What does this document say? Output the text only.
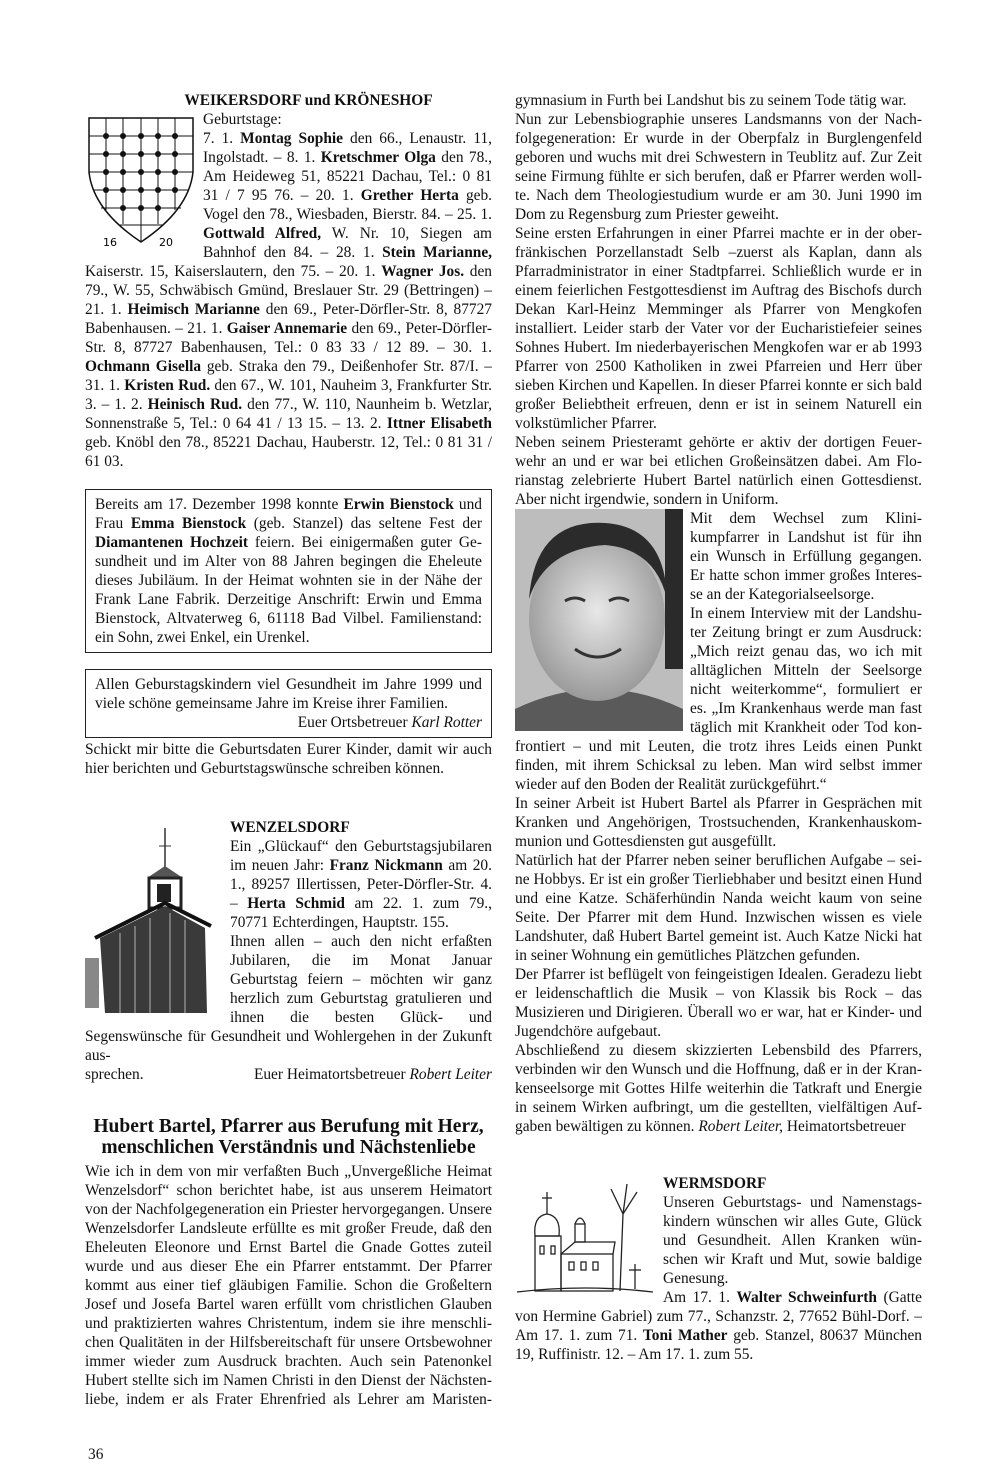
WEIKERSDORF und KRÖNESHOF
16	20

Geburtstage:

7. 1. Montag Sophie den 66., Lenaustr. 11, Ingolstadt. – 8. 1. Kretschmer Olga den 78., Am Heideweg 51, 85221 Dachau, Tel.: 0 81 31 / 7 95 76. – 20. 1. Grether Herta geb. Vogel den 78., Wiesbaden, Bierstr. 84. – 25. 1. Gottwald Alfred, W. Nr. 10, Siegen am Bahnhof den 84. – 28. 1. Stein Marianne, Kaiserstr. 15, Kaiserslautern, den 75. – 20. 1. Wagner Jos. den 79., W. 55, Schwäbisch Gmünd, Breslauer Str. 29 (Bettringen) – 21. 1. Heimisch Marianne den 69., Peter-Dörfler-Str. 8, 87727 Babenhausen. – 21. 1. Gaiser Annemarie den 69., Peter-Dörfler-Str. 8, 87727 Babenhausen, Tel.: 0 83 33 / 12 89. – 30. 1. Ochmann Gisella geb. Straka den 79., Deißenhofer Str. 87/I. – 31. 1. Kristen Rud. den 67., W. 101, Nauheim 3, Frankfurter Str. 3. – 1. 2. Heinisch Rud. den 77., W. 110, Naunheim b. Wetzlar, Sonnenstraße 5, Tel.: 0 64 41 / 13 15. – 13. 2. Ittner Elisabeth geb. Knöbl den 78., 85221 Dachau, Hauberstr. 12, Tel.: 0 81 31 / 61 03.

Bereits am 17. Dezember 1998 konnte Erwin Bienstock und Frau Emma Bienstock (geb. Stanzel) das seltene Fest der Diamantenen Hochzeit feiern. Bei einigermaßen guter Gesundheit und im Alter von 88 Jahren begingen die Eheleute dieses Jubiläum. In der Heimat wohnten sie in der Nähe der Frank Lane Fabrik. Derzeitige Anschrift: Erwin und Emma Bienstock, Altvaterweg 6, 61118 Bad Vilbel. Familienstand: ein Sohn, zwei Enkel, ein Urenkel.

Allen Geburstagskindern viel Gesundheit im Jahre 1999 und viele schöne gemeinsame Jahre im Kreise ihrer Familien.

Euer Ortsbetreuer Karl Rotter

Schickt mir bitte die Geburtsdaten Eurer Kinder, damit wir auch hier berichten und Geburtstagswünsche schreiben können.

WENZELSDORF

Ein „Glückauf“ den Geburtstagsjubilaren im neuen Jahr: Franz Nickmann am 20. 1., 89257 Illertissen, Peter-Dörfler-Str. 4. – Herta Schmid am 22. 1. zum 79., 70771 Echterdingen, Hauptstr. 155.

Ihnen allen – auch den nicht erfaßten Jubilaren, die im Monat Januar Geburtstag feiern – möchten wir ganz herzlich zum Geburtstag gratulieren und ihnen die besten Glück- und Segenswünsche für Gesundheit und Wohlergehen in der Zukunft aus-

sprechen.	Euer Heimatortsbetreuer Robert Leiter
Hubert Bartel, Pfarrer aus Berufung mit Herz,
menschlichen Verständnis und Nächstenliebe

Wie ich in dem von mir verfaßten Buch „Unvergeßliche Heimat Wenzelsdorf“ schon berichtet habe, ist aus unserem Heimatort von der Nachfolgegeneration ein Priester hervorgegangen. Unsere Wenzelsdorfer Landsleute erfüllte es mit großer Freude, daß den Eheleuten Eleonore und Ernst Bartel die Gnade Gottes zuteil wurde und aus dieser Ehe ein Pfarrer entstammt. Der Pfarrer kommt aus einer tief gläubigen Familie. Schon die Großeltern Josef und Josefa Bartel waren erfüllt vom christlichen Glauben und praktizierten wahres Christentum, indem sie ihre menschlichen Qualitäten in der Hilfsbereitschaft für unsere Ortsbewohner immer wieder zum Ausdruck brachten. Auch sein Patenonkel Hubert stellte sich im Namen Christi in den Dienst der Nächstenliebe, indem er als Frater Ehrenfried als Lehrer am Maristen-

36

gymnasium in Furth bei Landshut bis zu seinem Tode tätig war.

Nun zur Lebensbiographie unseres Landsmanns von der Nachfolgegeneration: Er wurde in der Oberpfalz in Burglengenfeld geboren und wuchs mit drei Schwestern in Teublitz auf. Zur Zeit seine Firmung fühlte er sich berufen, daß er Pfarrer werden wollte. Nach dem Theologiestudium wurde er am 30. Juni 1990 im Dom zu Regensburg zum Priester geweiht.

Seine ersten Erfahrungen in einer Pfarrei machte er in der oberfränkischen Porzellanstadt Selb –zuerst als Kaplan, dann als Pfarradministrator in einer Stadtpfarrei. Schließlich wurde er in einem feierlichen Festgottesdienst im Auftrag des Bischofs durch Dekan Karl-Heinz Memminger als Pfarrer von Mengkofen installiert. Leider starb der Vater vor der Eucharistiefeier seines Sohnes Hubert. Im niederbayerischen Mengkofen war er ab 1993 Pfarrer von 2500 Katholiken in zwei Pfarreien und Herr über sieben Kirchen und Kapellen. In dieser Pfarrei konnte er sich bald großer Beliebtheit erfreuen, denn er ist in seinem Naturell ein volkstümlicher Pfarrer.

Neben seinem Priesteramt gehörte er aktiv der dortigen Feuerwehr an und er war bei etlichen Großeinsätzen dabei. Am Florianstag zelebrierte Hubert Bartel natürlich einen Gottesdienst. Aber nicht irgendwie, sondern in Uniform.

Mit dem Wechsel zum Klinikumpfarrer in Landshut ist für ihn ein Wunsch in Erfüllung gegangen. Er hatte schon immer großes Interesse an der Kategorialseelsorge.

In einem Interview mit der Landshuter Zeitung bringt er zum Ausdruck: „Mich reizt genau das, wo ich mit alltäglichen Mitteln der Seelsorge nicht weiterkomme“, formuliert er es. „Im Krankenhaus werde man fast täglich mit Krankheit oder Tod konfrontiert – und mit Leuten, die trotz ihres Leids einen Punkt finden, mit ihrem Schicksal zu leben. Man wird selbst immer wieder auf den Boden der Realität zurückgeführt.“

In seiner Arbeit ist Hubert Bartel als Pfarrer in Gesprächen mit Kranken und Angehörigen, Trostsuchenden, Krankenhauskommunion und Gottesdiensten gut ausgefüllt.

Natürlich hat der Pfarrer neben seiner beruflichen Aufgabe – seine Hobbys. Er ist ein großer Tierliebhaber und besitzt einen Hund und eine Katze. Schäferhündin Nanda weicht kaum von seine Seite. Der Pfarrer mit dem Hund. Inzwischen wissen es viele Landshuter, daß Hubert Bartel gemeint ist. Auch Katze Nicki hat in seiner Wohnung ein gemütliches Plätzchen gefunden.

Der Pfarrer ist beflügelt von feingeistigen Idealen. Geradezu liebt er leidenschaftlich die Musik – von Klassik bis Rock – das Musizieren und Dirigieren. Überall wo er war, hat er Kinder- und Jugendchöre aufgebaut.

Abschließend zu diesem skizzierten Lebensbild des Pfarrers, verbinden wir den Wunsch und die Hoffnung, daß er in der Krankenseelsorge mit Gottes Hilfe weiterhin die Tatkraft und Energie in seinem Wirken aufbringt, um die gestellten, vielfältigen Aufgaben bewältigen zu können. Robert Leiter, Heimatortsbetreuer

WERMSDORF

Unseren Geburtstags- und Namenstagskindern wünschen wir alles Gute, Glück und Gesundheit. Allen Kranken wünschen wir Kraft und Mut, sowie baldige Genesung.

Am 17. 1. Walter Schweinfurth (Gatte von Hermine Gabriel) zum 77., Schanzstr. 2, 77652 Bühl-Dorf. – Am 17. 1. zum 71. Toni Mather geb. Stanzel, 80637 München 19, Ruffinistr. 12. – Am 17. 1. zum 55.
